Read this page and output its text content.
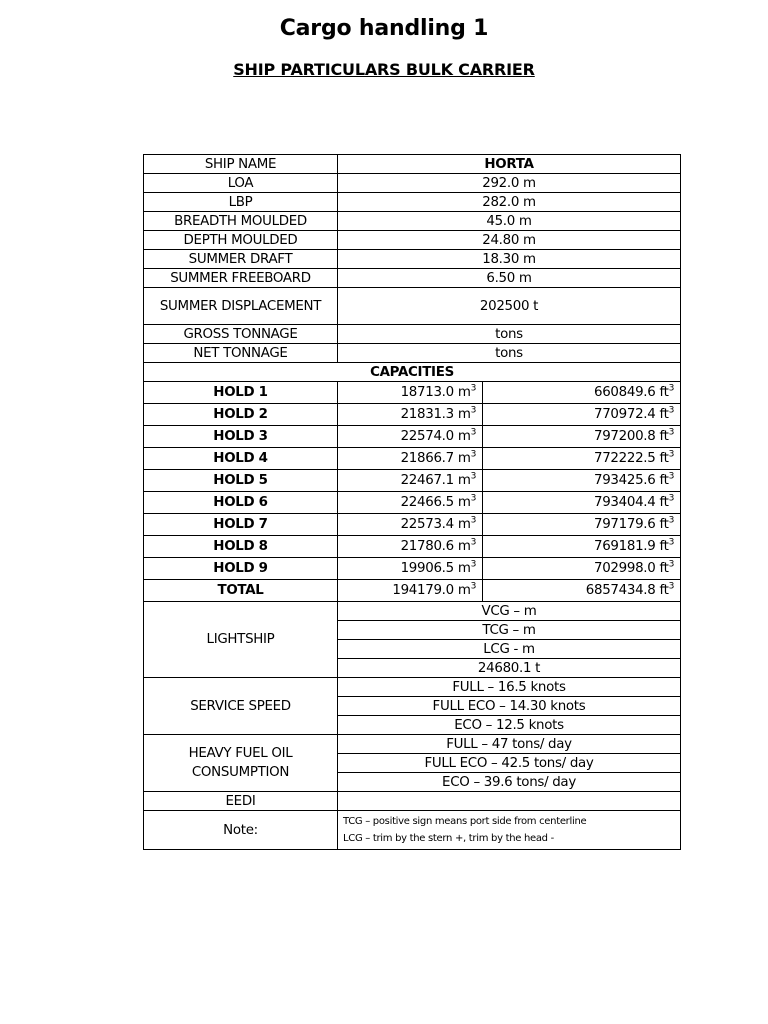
Cargo handling 1
SHIP PARTICULARS BULK CARRIER
SHIP NAME	HORTA	
LOA	292.0 m	
LBP	282.0 m	
BREADTH MOULDED	45.0 m	
DEPTH MOULDED	24.80 m	
SUMMER DRAFT	18.30 m	
SUMMER FREEBOARD	6.50 m	
SUMMER DISPLACEMENT	202500 t	
GROSS TONNAGE	tons	
NET TONNAGE	tons	
CAPACITIES		
HOLD 1	18713.0 $m^3$	660849.6 $ft^3$
HOLD 2	21831.3 $m^3$	770972.4 $ft^3$
HOLD 3	22574.0 $m^3$	797200.8 $ft^3$
HOLD 4	21866.7 $m^3$	772222.5 $ft^3$
HOLD 5	22467.1 $m^3$	793425.6 $ft^3$
HOLD 6	22466.5 $m^3$	793404.4 $ft^3$
HOLD 7	22573.4 $m^3$	797179.6 $ft^3$
HOLD 8	21780.6 $m^3$	769181.9 $ft^3$
HOLD 9	19906.5 $m^3$	702998.0 $ft^3$
TOTAL	194179.0 $m^3$	6857434.8 $ft^3$
LIGHTSHIP	VCG – m	
	TCG – m	
	LCG - m	
	24680.1 t	
SERVICE SPEED	FULL – 16.5 knots	
	FULL ECO – 14.30 knots	
	ECO – 12.5 knots	

HEAVY FUEL OIL
CONSUMPTION	FULL – 47 tons/ day	
	FULL ECO – 42.5 tons/ day	
	ECO – 39.6 tons/ day	
EEDI		
Note:	TCG – positive sign means port side from centerline
LCG – trim by the stern +, trim by the head -	
